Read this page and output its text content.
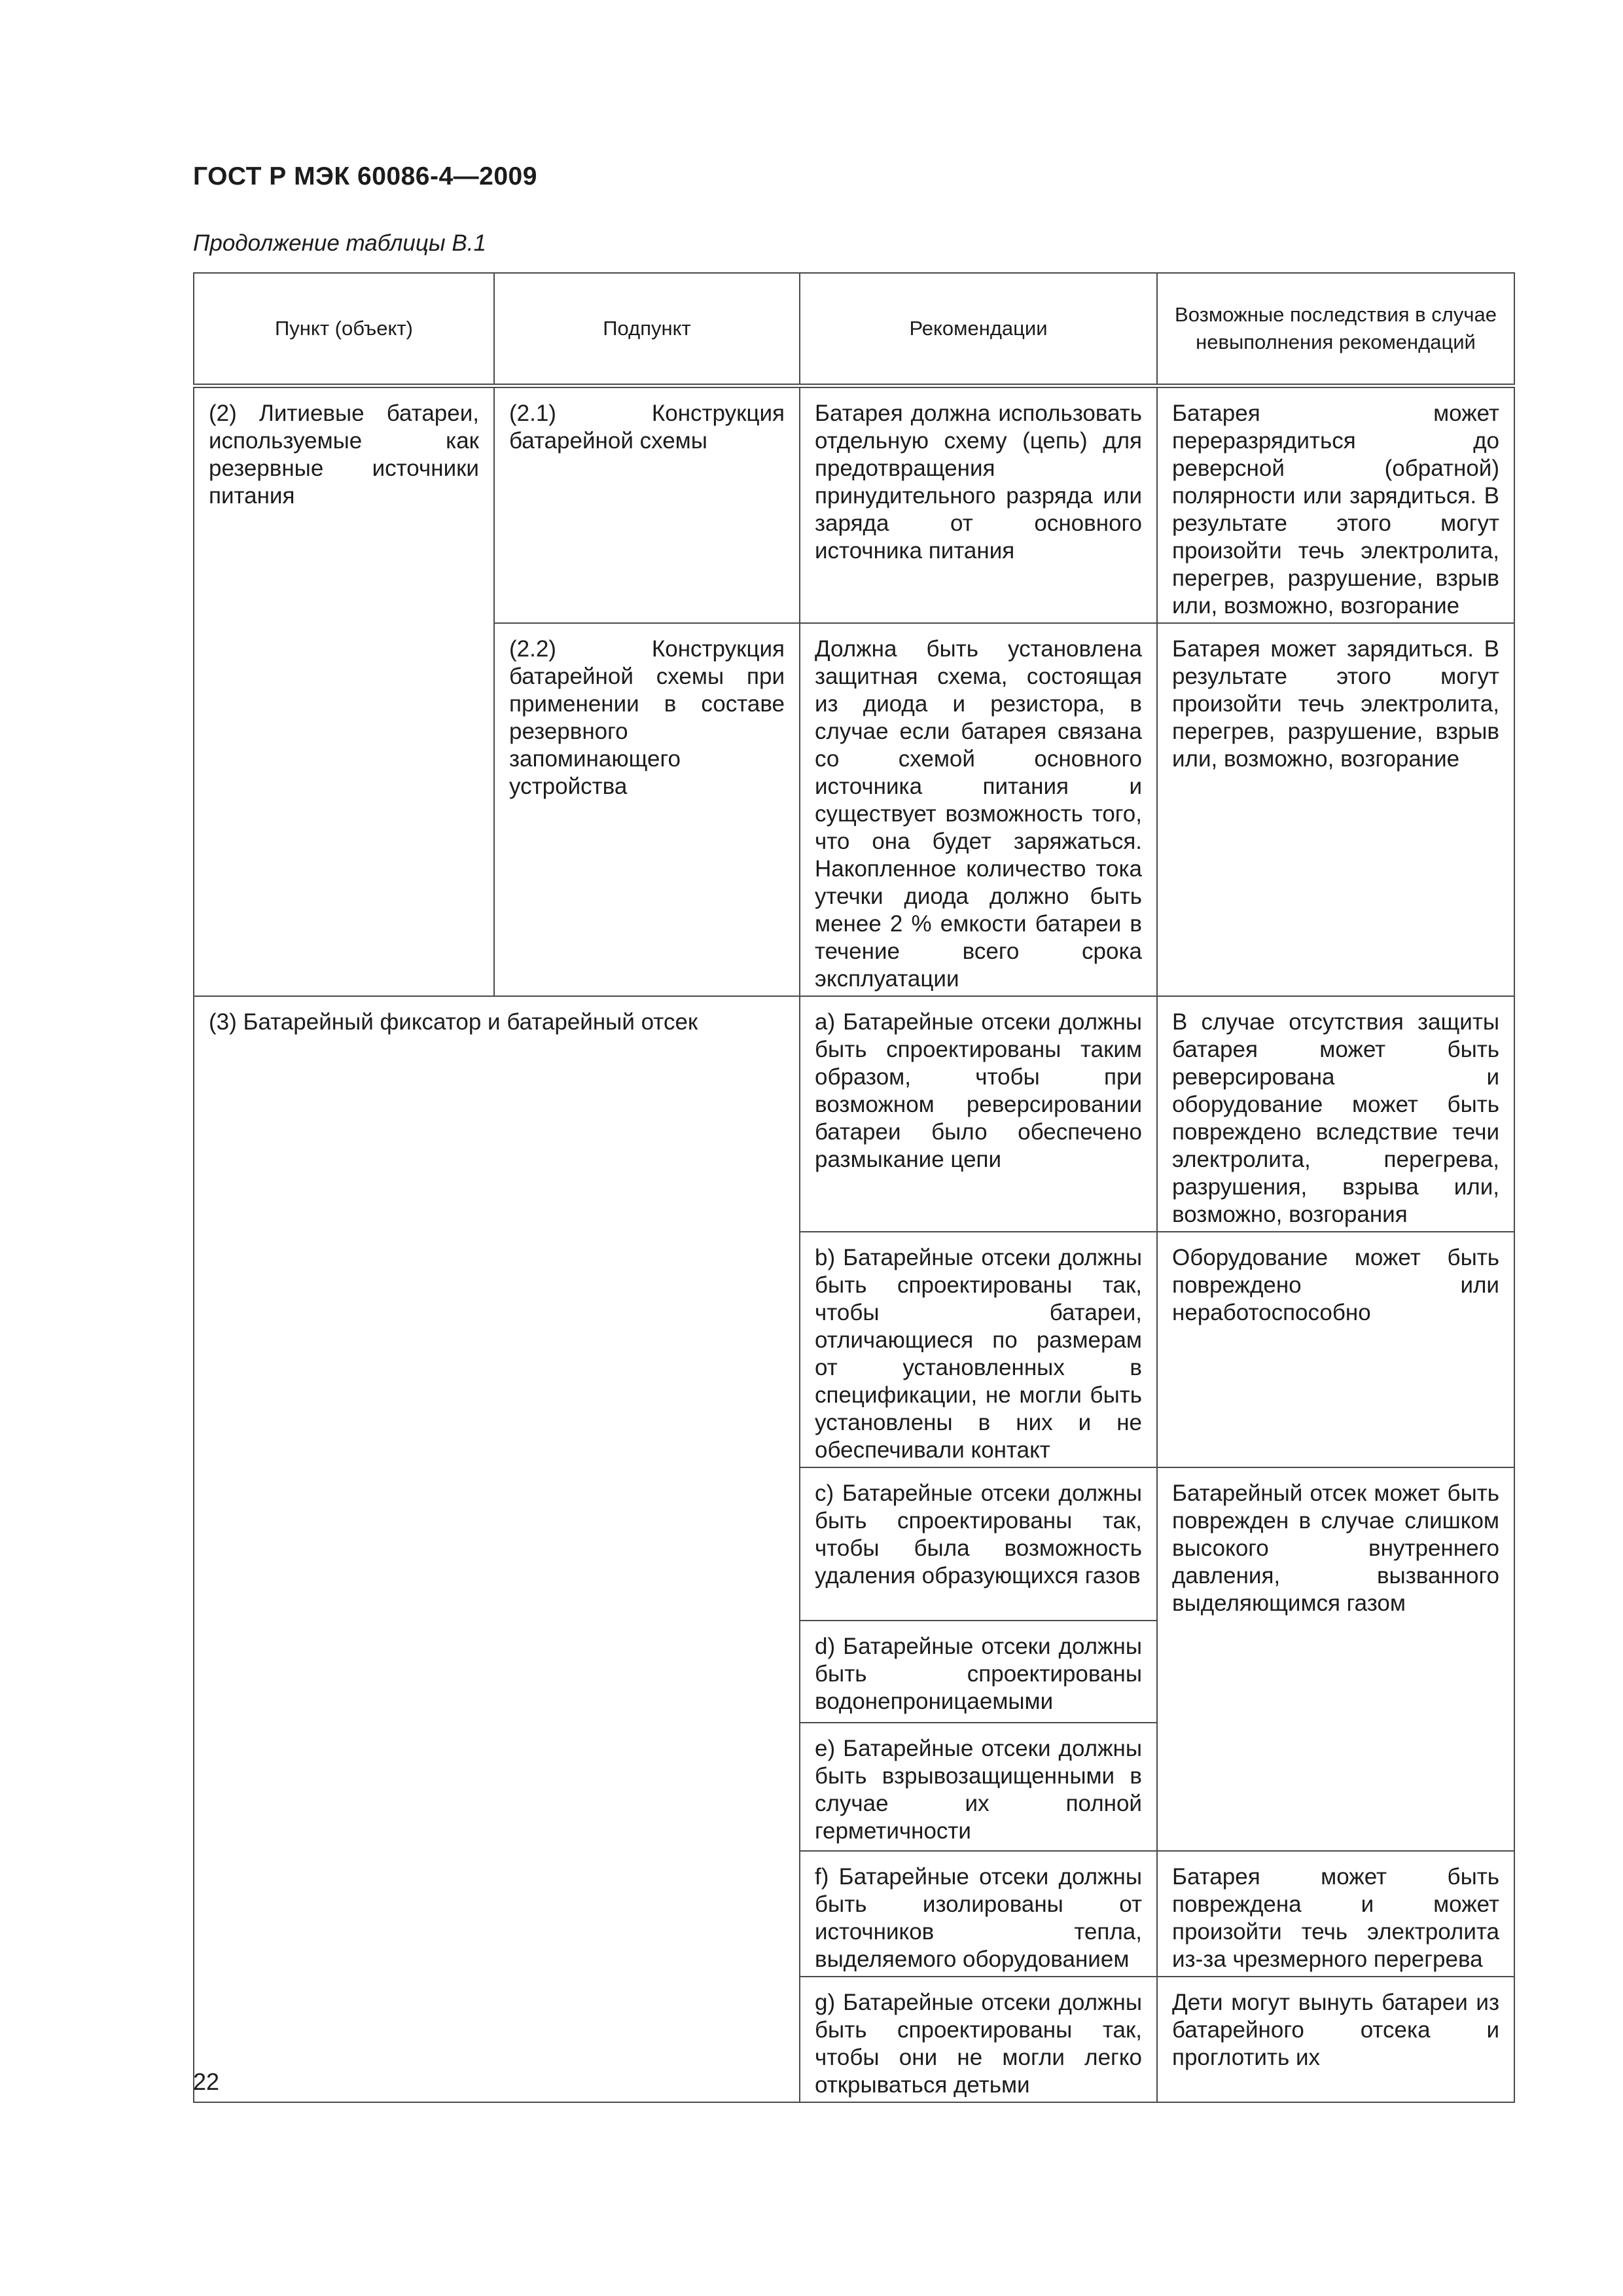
ГОСТ Р МЭК 60086-4—2009
Продолжение таблицы В.1
Пункт (объект)	Подпункт	Рекомендации	Возможные последствия в случае невыполнения рекомендаций
(2) Литиевые батареи, используемые как резервные источники питания	(2.1) Конструкция батарейной схемы	Батарея должна использовать отдельную схему (цепь) для предотвращения принудительного разряда или заряда от основного источника питания	Батарея может переразрядиться до реверсной (обратной) полярности или зарядиться. В результате этого могут произойти течь электролита, перегрев, разрушение, взрыв или, возможно, возгорание
	(2.2) Конструкция батарейной схемы при применении в составе резервного запоминающего устройства	Должна быть установлена защитная схема, состоящая из диода и резистора, в случае если батарея связана со схемой основного источника питания и существует возможность того, что она будет заряжаться. Накопленное количество тока утечки диода должно быть менее 2 % емкости батареи в течение всего срока эксплуатации	Батарея может зарядиться. В результате этого могут произойти течь электролита, перегрев, разрушение, взрыв или, возможно, возгорание
(3) Батарейный фиксатор и батарейный отсек		a) Батарейные отсеки должны быть спроектированы таким образом, чтобы при возможном реверсировании батареи было обеспечено размыкание цепи	В случае отсутствия защиты батарея может быть реверсирована и оборудование может быть повреждено вследствие течи электролита, перегрева, разрушения, взрыва или, возможно, возгорания
		b) Батарейные отсеки должны быть спроектированы так, чтобы батареи, отличающиеся по размерам от установленных в спецификации, не могли быть установлены в них и не обеспечивали контакт	Оборудование может быть повреждено или неработоспособно
		c) Батарейные отсеки должны быть спроектированы так, чтобы была возможность удаления образующихся газов	Батарейный отсек может быть поврежден в случае слишком высокого внутреннего давления, вызванного выделяющимся газом
		d) Батарейные отсеки должны быть спроектированы водонепроницаемыми	
		e) Батарейные отсеки должны быть взрывозащищенными в случае их полной герметичности	
		f) Батарейные отсеки должны быть изолированы от источников тепла, выделяемого оборудованием	Батарея может быть повреждена и может произойти течь электролита из-за чрезмерного перегрева
		g) Батарейные отсеки должны быть спроектированы так, чтобы они не могли легко открываться детьми	Дети могут вынуть батареи из батарейного отсека и проглотить их
22
